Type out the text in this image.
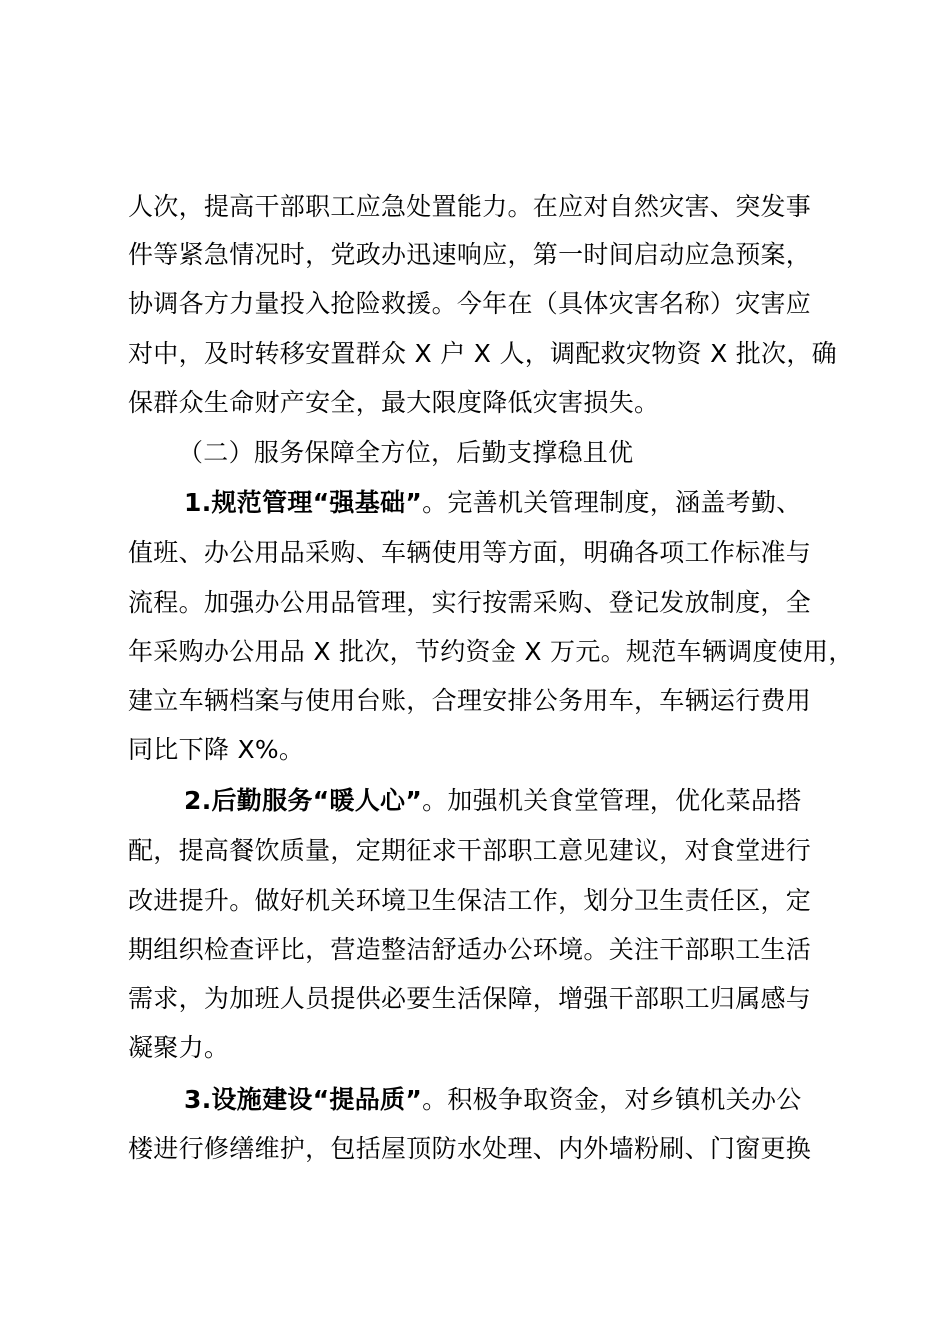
人次，提高干部职工应急处置能力。在应对自然灾害、突发事
件等紧急情况时，党政办迅速响应，第一时间启动应急预案，
协调各方力量投入抢险救援。今年在（具体灾害名称）灾害应
对中，及时转移安置群众 X 户 X 人，调配救灾物资 X 批次，确
保群众生命财产安全，最大限度降低灾害损失。
（二）服务保障全方位，后勤支撑稳且优
1.规范管理“强基础”。完善机关管理制度，涵盖考勤、
值班、办公用品采购、车辆使用等方面，明确各项工作标准与
流程。加强办公用品管理，实行按需采购、登记发放制度，全
年采购办公用品 X 批次，节约资金 X 万元。规范车辆调度使用，
建立车辆档案与使用台账，合理安排公务用车，车辆运行费用
同比下降 X%。
2.后勤服务“暖人心”。加强机关食堂管理，优化菜品搭
配，提高餐饮质量，定期征求干部职工意见建议，对食堂进行
改进提升。做好机关环境卫生保洁工作，划分卫生责任区，定
期组织检查评比，营造整洁舒适办公环境。关注干部职工生活
需求，为加班人员提供必要生活保障，增强干部职工归属感与
凝聚力。
3.设施建设“提品质”。积极争取资金，对乡镇机关办公
楼进行修缮维护，包括屋顶防水处理、内外墙粉刷、门窗更换
